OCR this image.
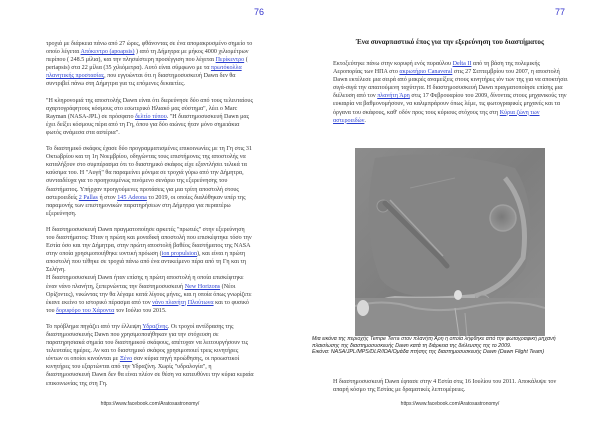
76

τροχιά με διάρκεια πάνω από 27 ώρες, φθάνοντας σε ένα απομακρυσμένο σημείο το οποίο λέγεται Απόκεντρο (apoapsis) ) από τη Δήμητρα με μήκος 4000 χιλιομέτρων περίπου ( 248.5 μίλια), και την πλησιέστερη προσέγγιση που λέγεται Περίκεντρο ( periapsis) στα 22 μίλια (35 χιλιόμετρα). Αυτό είναι σύμφωνο με τα πρωτόκολλα πλανητικής προστασίας, που εγγυώνται ότι η διαστημοσυσκευή Dawn δεν θα συντριβεί πάνω στη Δήμητρα για τις επόμενες δεκαετίες.

"Η κληρονομιά της αποστολής Dawn είναι ότι διερεύνησε δύο από τους τελευταίους αχαρτογράφητους κόσμους στο εσωτερικό Ηλιακό μας σύστημα", λέει ο Marc Rayman (NASA-JPL) σε πρόσφατο δελτίο τύπου. "Η διαστημοσυσκευή Dawn μας έχει δείξει κόσμους πέρα από τη Γη, όπου για δύο αιώνες ήταν μόνο σημειάκια φωτός ανάμεσα στα αστέρια".

Το διαστημικό σκάφος έχασε δύο προγραμματισμένες επικοινωνίες με τη Γη στις 31 Οκτωβρίου και τη 1η Νοεμβρίου, οδηγώντας τους επιστήμονες της αποστολής να καταλήξουν στο συμπέρασμα ότι το διαστημικό σκάφος είχε εξαντλήσει τελικά τα καύσιμα του. Η "Αυγή" θα παραμείνει μόνιμα σε τροχιά γύρω από την Δήμητρα, συνταιδέυχα για το προηγουμένως πινόμενο σενάριο της εξερεύνησης του διαστήματος. Υπήρχαν προηγούμενες προτάσεις για μια τρίτη αποστολή στους αστεροειδείς 2 Pallas ή στον 145 Adeona το 2019, οι οποίες διαλύθηκαν υπέρ της παραμονής των επιστημονικών παρατηρήσεων στη Δήμητρα για περαιτέρω εξερεύνηση.

Η διαστημοσυσκευή Dawn πραγματοποίησε αρκετές "πρωτιές" στην εξερεύνηση του διαστήματος: Ήταν η πρώτη και μοναδική αποστολή που επισκέφτηκε τόσο την Εστία όσο και την Δήμητρα, στην πρώτη αποστολή βαθέος διαστήματος της NASA στην οποία χρησιμοποιήθηκε ιοντική πρόωση (ion propulsion), και είναι η πρώτη αποστολή που τέθηκε σε τροχιά πάνω από ένα αντικείμενο πέρα από τη Γη και τη Σελήνη.

Η διαστημοσυσκευή Dawn ήταν επίσης η πρώτη αποστολή η οποία επισκέφτηκε έναν νάνο πλανήτη, ξεπερνώντας την διαστημοσυσκευή New Horizons (Νέοι Ορίζοντες), νικώντας την θα λέγαμε κατά λίγους μήνες, και η οποία όπως γνωρίζετε έκανε εκείνο το ιστορικό πέρασμα από τον νάνο πλανήτη Πλούτωνα και το φυσικό του δορυφόρο του Χάροντα τον Ιούλιο του 2015.

Το πρόβλημα πηγάζει από την έλλειψη Υδραζίνης. Οι τροχοί αντίδρασης της διαστημοσυσκευής Dawn που χρησιμοποιήθηκαν για την στόχευση σε παρατηρησιακά σημεία του διαστημικού σκάφους, απέτυχαν να λειτουργήσουν τις τελευταίες ημέρες. Αν και το διαστημικό σκάφος χρησιμοποιεί τρεις κινητήρες ιόντων οι οποίοι κινούνται με Ξένο σαν κύρια πηγή προώθησης, οι προωστικοί κινητήρες του εξαρτώνται από την Υδραζίνη. Χωρίς "υδραλογία", η διαστημοσυσκευή Dawn δεν θα είναι πλέον σε θέση να κατευθύνει την κύρια κεραία επικοινωνίας της στη Γη.

https://www.facebook.com/Aratosastronomy/
77
Ένα συναρπαστικό έπος για την εξερεύνηση του διαστήματος
Εκτοξεύτηκε πάνω στην κορυφή ενός πυραύλου Delta II από τη βάση της πολεμικής Αεροπορίας των ΗΠΑ στο ακρωτήριο Canaveral στις 27 Σεπτεμβρίου του 2007, η αποστολή Dawn εκτέλεσε μια σειρά από μακρές αναμείξεις στους κινητήρες ιόν των της για να αποκτήσει σιγά-σιγά την απαιτούμενη ταχύτητα. Η διαστημοσυσκευή Dawn πραγματοποίησε επίσης μια διέλευση από τον πλανήτη Άρη στις 17 Φεβρουαρίου του 2009, δίνοντας στους μηχανικούς την ευκαιρία να βαθμονομήσουν, να καλιμπράρουν όπως λέμε, τις φωτογραφικές μηχανές και τα όργανα του σκάφους, καθ' οδόν προς τους κύριους στόχους της στη Κύρια ζώνη των αστεροειδών.
Μια εικόνα της περιοχής Tempe Terra στον πλανήτη Άρη η οποία λήφθηκε από την φωτογραφική μηχανή πλαισίωσης της διαστημοσυσκευής Dawn κατά τη διάρκεια της διέλευσης της το 2009.
Εικόνα: NASA/JPL/MPS/DLR/IDA/Ομάδα πτήσης της διαστημοσυσκευής Dawn (Dawn Flight Team)
Η διαστημοσυσκευή Dawn έφτασε στην 4 Εστία στις 16 Ιουλίου του 2011. Αποκάλυψε τον απαρή κόσμο της Εστίας με δραματικές λεπτομέρειες.
https://www.facebook.com/Aratosastronomy/
